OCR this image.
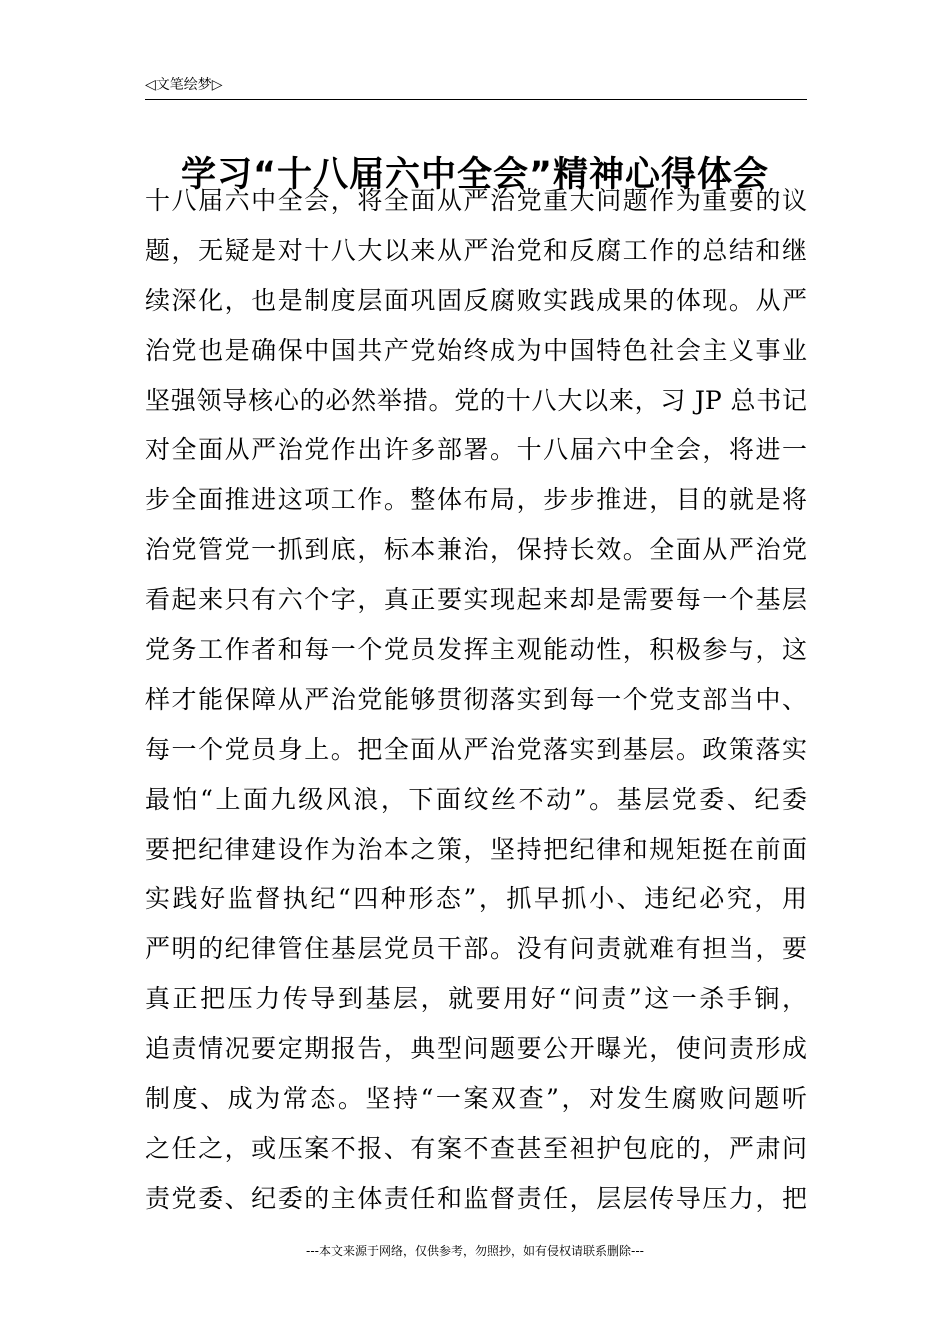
◁文笔绘梦▷
学习“十八届六中全会”精神心得体会
十八届六中全会，将全面从严治党重大问题作为重要的议
题，无疑是对十八大以来从严治党和反腐工作的总结和继
续深化，也是制度层面巩固反腐败实践成果的体现。从严
治党也是确保中国共产党始终成为中国特色社会主义事业
坚强领导核心的必然举措。党的十八大以来，习 JP 总书记
对全面从严治党作出许多部署。十八届六中全会，将进一
步全面推进这项工作。整体布局，步步推进，目的就是将
治党管党一抓到底，标本兼治，保持长效。全面从严治党
看起来只有六个字，真正要实现起来却是需要每一个基层
党务工作者和每一个党员发挥主观能动性，积极参与，这
样才能保障从严治党能够贯彻落实到每一个党支部当中、
每一个党员身上。把全面从严治党落实到基层。政策落实
最怕“上面九级风浪，下面纹丝不动”。基层党委、纪委
要把纪律建设作为治本之策，坚持把纪律和规矩挺在前面
实践好监督执纪“四种形态”，抓早抓小、违纪必究，用
严明的纪律管住基层党员干部。没有问责就难有担当，要
真正把压力传导到基层，就要用好“问责”这一杀手锏，
追责情况要定期报告，典型问题要公开曝光，使问责形成
制度、成为常态。坚持“一案双查”，对发生腐败问题听
之任之，或压案不报、有案不查甚至袒护包庇的，严肃问
责党委、纪委的主体责任和监督责任，层层传导压力，把
---本文来源于网络，仅供参考，勿照抄，如有侵权请联系删除---
